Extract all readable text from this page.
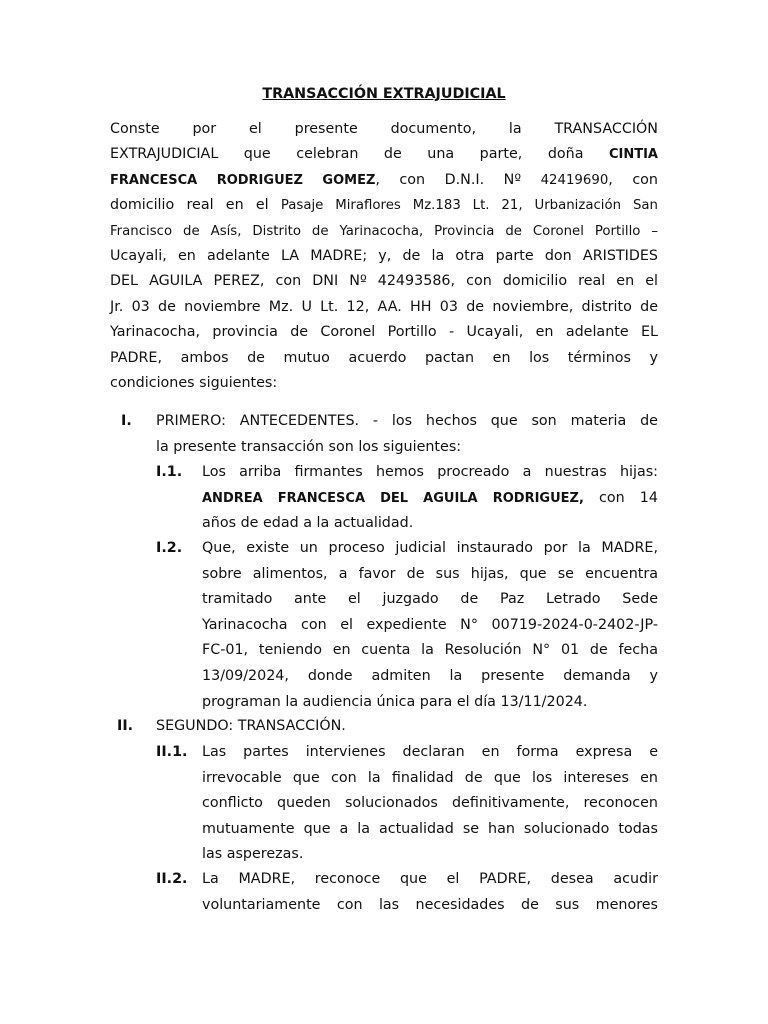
TRANSACCIÓN EXTRAJUDICIAL
Conste por el presente documento, la TRANSACCIÓN
EXTRAJUDICIAL que celebran de una parte, doña CINTIA
FRANCESCA RODRIGUEZ GOMEZ, con D.N.I. Nº 42419690, con
domicilio real en el Pasaje Miraflores Mz.183 Lt. 21, Urbanización San
Francisco de Asís, Distrito de Yarinacocha, Provincia de Coronel Portillo –
Ucayali, en adelante LA MADRE; y, de la otra parte don ARISTIDES
DEL AGUILA PEREZ, con DNI Nº 42493586, con domicilio real en el
Jr. 03 de noviembre Mz. U Lt. 12, AA. HH 03 de noviembre, distrito de
Yarinacocha, provincia de Coronel Portillo - Ucayali, en adelante EL
PADRE, ambos de mutuo acuerdo pactan en los términos y
condiciones siguientes:
I. PRIMERO: ANTECEDENTES. - los hechos que son materia de
la presente transacción son los siguientes:
I.1. Los arriba firmantes hemos procreado a nuestras hijas:
ANDREA FRANCESCA DEL AGUILA RODRIGUEZ, con 14
años de edad a la actualidad.
I.2. Que, existe un proceso judicial instaurado por la MADRE,
sobre alimentos, a favor de sus hijas, que se encuentra
tramitado ante el juzgado de Paz Letrado Sede
Yarinacocha con el expediente N° 00719-2024-0-2402-JP-
FC-01, teniendo en cuenta la Resolución N° 01 de fecha
13/09/2024, donde admiten la presente demanda y
programan la audiencia única para el día 13/11/2024.
II. SEGUNDO: TRANSACCIÓN.
II.1. Las partes intervienes declaran en forma expresa e
irrevocable que con la finalidad de que los intereses en
conflicto queden solucionados definitivamente, reconocen
mutuamente que a la actualidad se han solucionado todas
las asperezas.
II.2. La MADRE, reconoce que el PADRE, desea acudir
voluntariamente con las necesidades de sus menores
